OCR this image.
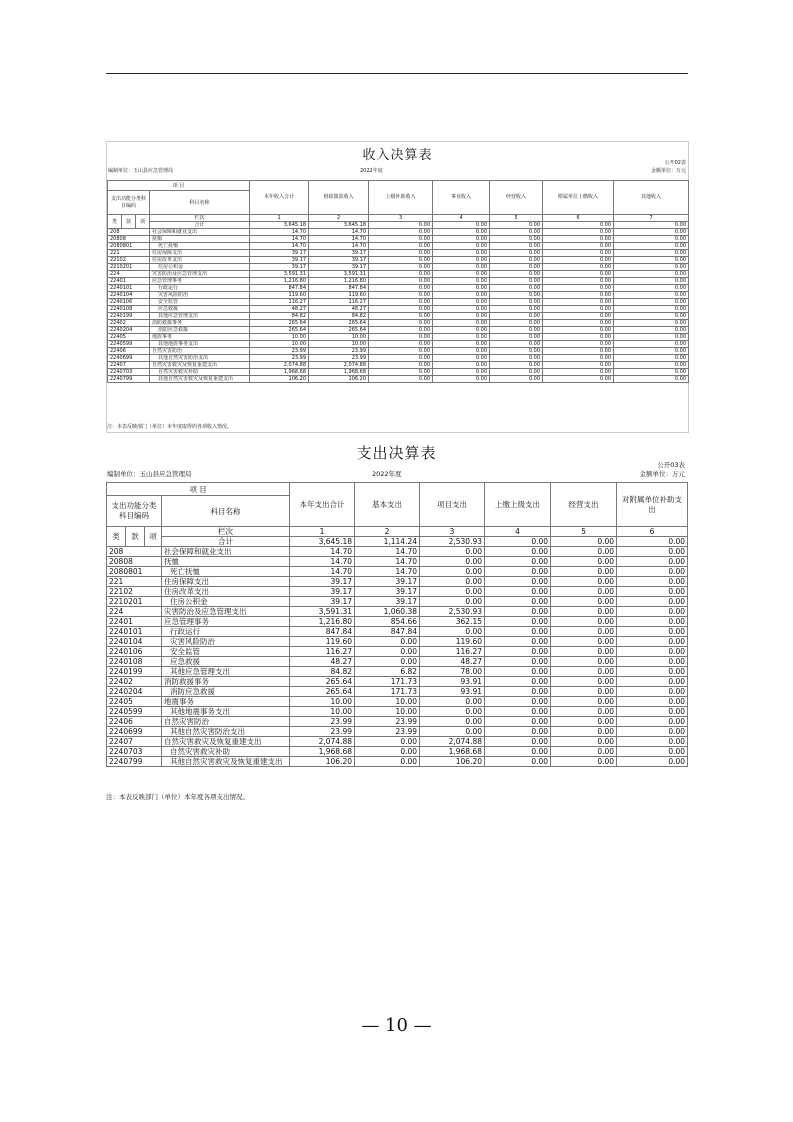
收入决算表	公开02表
编制单位：玉山县应急管理局	2022年度	金额单位：万元
项 目				本年收入合计	财政拨款收入	上级补助收入	事业收入	经营收入	附属单位上缴收入	其他收入
支出功能分类科目编码			科目名称							
类	款	项	栏次	1	2	3	4	5	6	7
			合计	3,645.18	3,645.18	0.00	0.00	0.00	0.00	0.00
208			社会保障和就业支出	14.70	14.70	0.00	0.00	0.00	0.00	0.00
20808			抚恤	14.70	14.70	0.00	0.00	0.00	0.00	0.00
2080801			死亡抚恤	14.70	14.70	0.00	0.00	0.00	0.00	0.00
221			住房保障支出	39.17	39.17	0.00	0.00	0.00	0.00	0.00
22102			住房改革支出	39.17	39.17	0.00	0.00	0.00	0.00	0.00
2210201			住房公积金	39.17	39.17	0.00	0.00	0.00	0.00	0.00
224			灾害防治及应急管理支出	3,591.31	3,591.31	0.00	0.00	0.00	0.00	0.00
22401			应急管理事务	1,216.80	1,216.80	0.00	0.00	0.00	0.00	0.00
2240101			行政运行	847.84	847.84	0.00	0.00	0.00	0.00	0.00
2240104			灾害风险防治	119.60	119.60	0.00	0.00	0.00	0.00	0.00
2240106			安全监管	116.27	116.27	0.00	0.00	0.00	0.00	0.00
2240108			应急救援	48.27	48.27	0.00	0.00	0.00	0.00	0.00
2240199			其他应急管理支出	84.82	84.82	0.00	0.00	0.00	0.00	0.00
22402			消防救援事务	265.64	265.64	0.00	0.00	0.00	0.00	0.00
2240204			消防应急救援	265.64	265.64	0.00	0.00	0.00	0.00	0.00
22405			地震事务	10.00	10.00	0.00	0.00	0.00	0.00	0.00
2240599			其他地震事务支出	10.00	10.00	0.00	0.00	0.00	0.00	0.00
22406			自然灾害防治	23.99	23.99	0.00	0.00	0.00	0.00	0.00
2240699			其他自然灾害防治支出	23.99	23.99	0.00	0.00	0.00	0.00	0.00
22407			自然灾害救灾及恢复重建支出	2,074.88	2,074.88	0.00	0.00	0.00	0.00	0.00
2240703			自然灾害救灾补助	1,968.68	1,968.68	0.00	0.00	0.00	0.00	0.00
2240799			其他自然灾害救灾及恢复重建支出	106.20	106.20	0.00	0.00	0.00	0.00	0.00
注：本表反映部门（单位）本年度取得的各项收入情况。
支出决算表
公开03表
编制单位：玉山县应急管理局	2022年度	金额单位：万元
项 目				本年支出合计	基本支出	项目支出	上缴上级支出	经营支出	对附属单位补助支出
支出功能分类科目编码			科目名称						
类	款	项	栏次	1	2	3	4	5	6
			合计	3,645.18	1,114.24	2,530.93	0.00	0.00	0.00
208			社会保障和就业支出	14.70	14.70	0.00	0.00	0.00	0.00
20808			抚恤	14.70	14.70	0.00	0.00	0.00	0.00
2080801			死亡抚恤	14.70	14.70	0.00	0.00	0.00	0.00
221			住房保障支出	39.17	39.17	0.00	0.00	0.00	0.00
22102			住房改革支出	39.17	39.17	0.00	0.00	0.00	0.00
2210201			住房公积金	39.17	39.17	0.00	0.00	0.00	0.00
224			灾害防治及应急管理支出	3,591.31	1,060.38	2,530.93	0.00	0.00	0.00
22401			应急管理事务	1,216.80	854.66	362.15	0.00	0.00	0.00
2240101			行政运行	847.84	847.84	0.00	0.00	0.00	0.00
2240104			灾害风险防治	119.60	0.00	119.60	0.00	0.00	0.00
2240106			安全监管	116.27	0.00	116.27	0.00	0.00	0.00
2240108			应急救援	48.27	0.00	48.27	0.00	0.00	0.00
2240199			其他应急管理支出	84.82	6.82	78.00	0.00	0.00	0.00
22402			消防救援事务	265.64	171.73	93.91	0.00	0.00	0.00
2240204			消防应急救援	265.64	171.73	93.91	0.00	0.00	0.00
22405			地震事务	10.00	10.00	0.00	0.00	0.00	0.00
2240599			其他地震事务支出	10.00	10.00	0.00	0.00	0.00	0.00
22406			自然灾害防治	23.99	23.99	0.00	0.00	0.00	0.00
2240699			其他自然灾害防治支出	23.99	23.99	0.00	0.00	0.00	0.00
22407			自然灾害救灾及恢复重建支出	2,074.88	0.00	2,074.88	0.00	0.00	0.00
2240703			自然灾害救灾补助	1,968.68	0.00	1,968.68	0.00	0.00	0.00
2240799			其他自然灾害救灾及恢复重建支出	106.20	0.00	106.20	0.00	0.00	0.00
注：本表反映部门（单位）本年度各项支出情况。
— 10 —
